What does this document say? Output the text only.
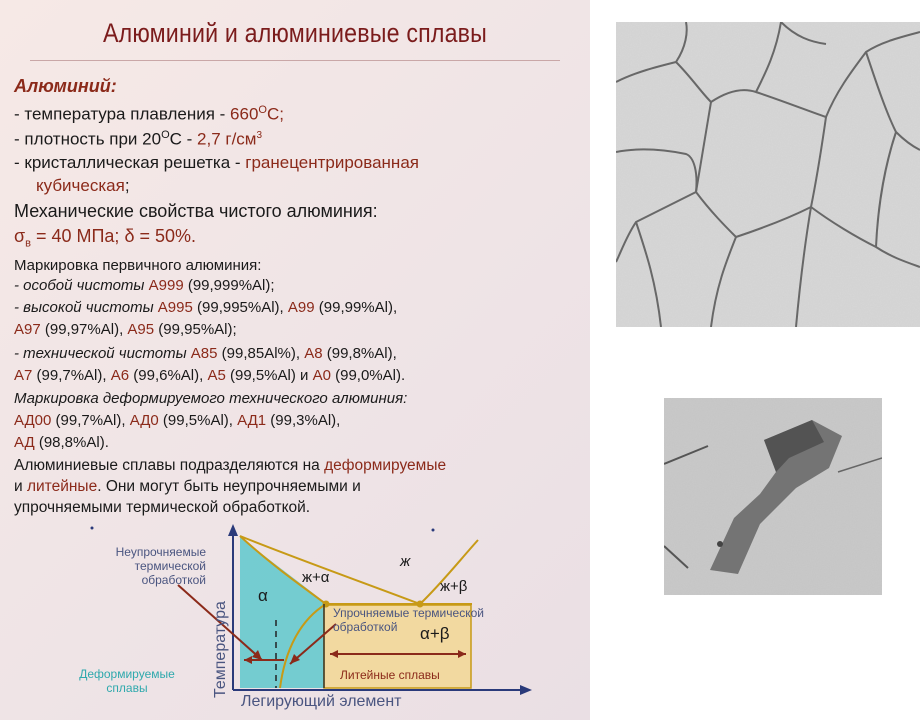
Алюминий и алюминиевые сплавы
Алюминий:
- температура плавления - $660^OC$;
- плотность при $20^OC - 2,7$ $г/см^3$
- кристаллическая решетка - гранецентрированная
кубическая;
Механические свойства чистого алюминия:
$\sigma_в = 40$ МПа; δ = 50%.
Маркировка первичного алюминия:
- особой чистоты А999 (99,999%Al);
- высокой чистоты А995 (99,995%Al), А99 (99,99%Al),
А97 (99,97%Al), А95 (99,95%Al);
- технической чистоты А85 (99,85Al%), А8 (99,8%Al),
А7 (99,7%Al), А6 (99,6%Al), А5 (99,5%Al) и А0 (99,0%Al).
Маркировка деформируемого технического алюминия:
АД00 (99,7%Al), АД0 (99,5%Al), АД1 (99,3%Al),
АД (98,8%Al).
Алюминиевые сплавы подразделяются на деформируемые
и литейные. Они могут быть неупрочняемыми и
упрочняемыми термической обработкой.
Неупрочняемые
термической
обработкой
Упрочняемые термической
обработкой
Деформируемые
сплавы
Литейные сплавы
Температура
Легирующий элемент
α
ж
ж+α
ж+β
α+β
